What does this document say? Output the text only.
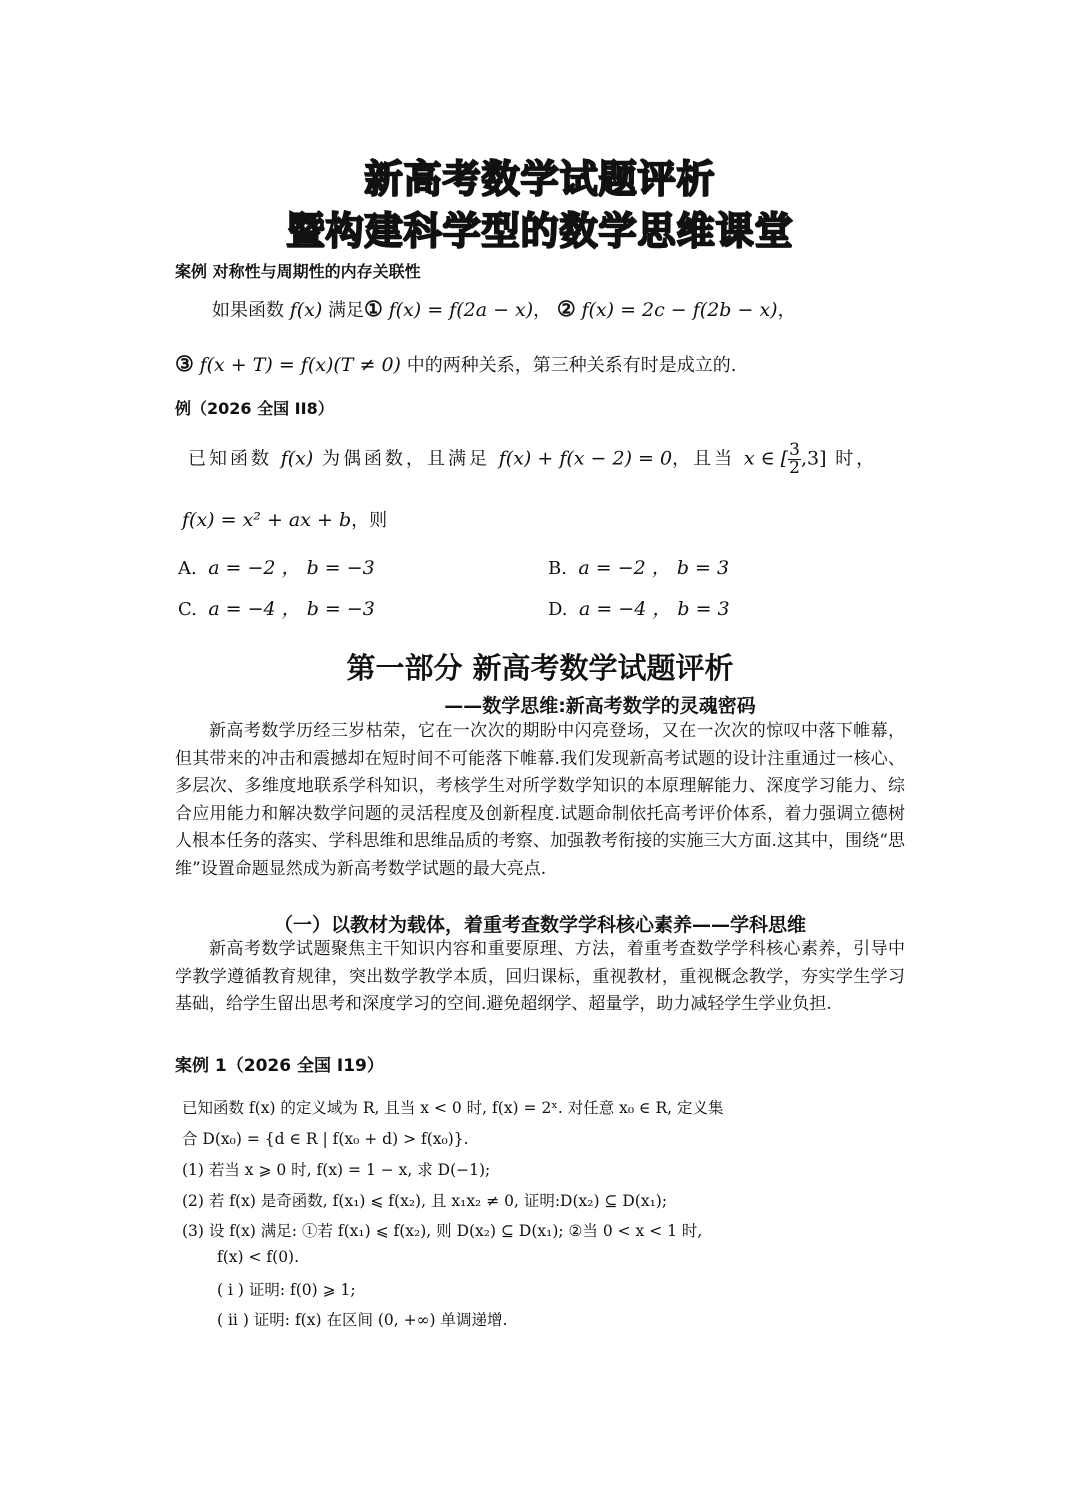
新高考数学试题评析
暨构建科学型的数学思维课堂
案例 对称性与周期性的内存关联性
如果函数 f(x) 满足① f(x) = f(2a − x)， ② f(x) = 2c − f(2b − x)，
③ f(x + T) = f(x)(T ≠ 0) 中的两种关系，第三种关系有时是成立的.
例（2026 全国 II8）
已知函数 f(x) 为偶函数，且满足 f(x) + f(x − 2) = 0，且当 x ∈ [ $\frac{3}{2} ,3$] 时，
f(x) = x² + ax + b，则
A. a = −2 ， b = −3	B. a = −2 ， b = 3
C. a = −4 ， b = −3	D. a = −4 ， b = 3
第一部分 新高考数学试题评析
——数学思维:新高考数学的灵魂密码
新高考数学历经三岁枯荣，它在一次次的期盼中闪亮登场，又在一次次的惊叹中落下帷幕，但其带来的冲击和震撼却在短时间不可能落下帷幕.我们发现新高考试题的设计注重通过一核心、多层次、多维度地联系学科知识，考核学生对所学数学知识的本原理解能力、深度学习能力、综合应用能力和解决数学问题的灵活程度及创新程度.试题命制依托高考评价体系，着力强调立德树人根本任务的落实、学科思维和思维品质的考察、加强教考衔接的实施三大方面.这其中，围绕“思维”设置命题显然成为新高考数学试题的最大亮点.
（一）以教材为载体，着重考查数学学科核心素养——学科思维
新高考数学试题聚焦主干知识内容和重要原理、方法，着重考查数学学科核心素养，引导中学教学遵循教育规律，突出数学教学本质，回归课标，重视教材，重视概念教学，夯实学生学习基础，给学生留出思考和深度学习的空间.避免超纲学、超量学，助力减轻学生学业负担.
案例 1（2026 全国 I19）
已知函数 f(x) 的定义域为 R, 且当 x < 0 时, f(x) = 2ˣ. 对任意 x₀ ∈ R, 定义集
合 D(x₀) = {d ∈ R | f(x₀ + d) > f(x₀)}.
(1) 若当 x ⩾ 0 时, f(x) = 1 − x, 求 D(−1);
(2) 若 f(x) 是奇函数, f(x₁) ⩽ f(x₂), 且 x₁x₂ ≠ 0, 证明:D(x₂) ⊆ D(x₁);
(3) 设 f(x) 满足: ①若 f(x₁) ⩽ f(x₂), 则 D(x₂) ⊆ D(x₁); ②当 0 < x < 1 时,
f(x) < f(0).
( i ) 证明: f(0) ⩾ 1;
( ii ) 证明: f(x) 在区间 (0, +∞) 单调递增.
